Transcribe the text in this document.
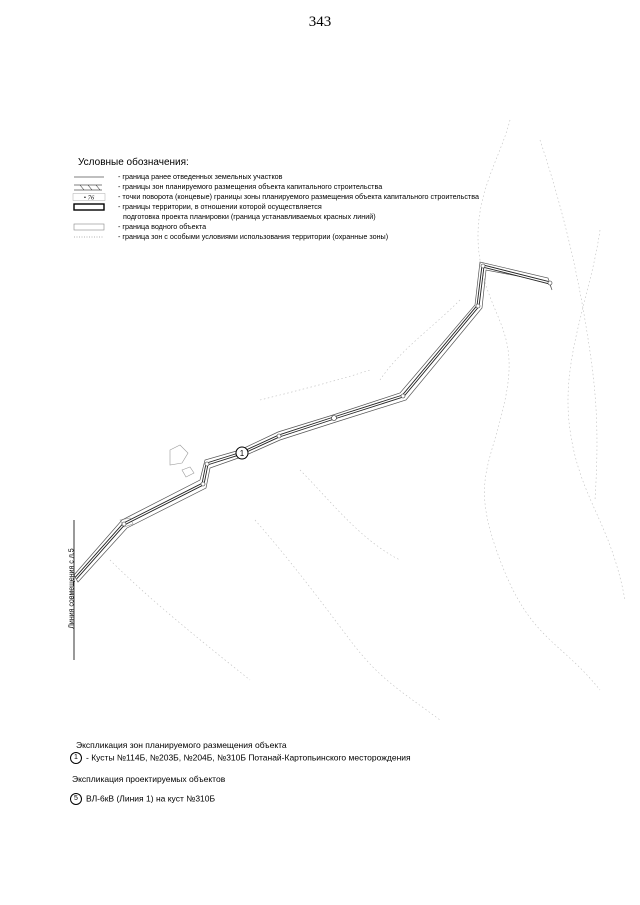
343
1
Линия совмещения с л.5
Условные обозначения:
- граница ранее отведенных земельных участков
- границы зон планируемого размещения объекта капитального строительства
• 76	- точки поворота (концевые) границы зоны планируемого размещения объекта капитального строительства
- границы территории, в отношении которой осуществляется
подготовка проекта планировки (граница устанавливаемых красных линий)
- граница водного объекта
- граница зон с особыми условиями использования территории (охранные зоны)
Экспликация зон планируемого размещения объекта
1 - Кусты №114Б, №203Б, №204Б, №310Б Потанай-Картопьинского месторождения
Экспликация проектируемых объектов
5 ВЛ-6кВ (Линия 1) на куст №310Б
